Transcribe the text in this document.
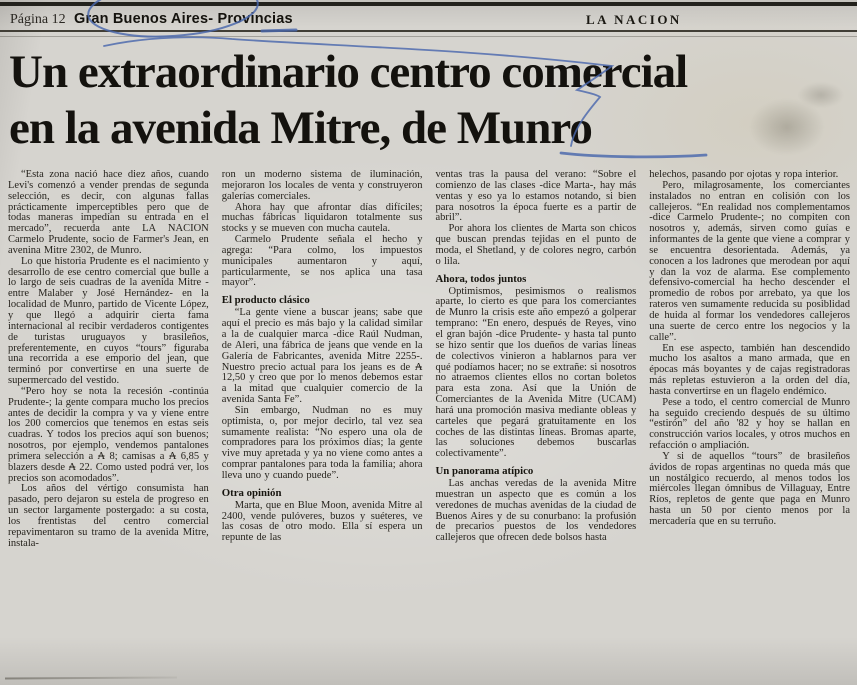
Página 12 Gran Buenos Aires- Provincias	LA NACION
Un extraordinario centro comercial
en la avenida Mitre, de Munro

“Esta zona nació hace diez años, cuando Levi's comenzó a vender prendas de segunda selección, es decir, con algunas fallas prácticamente imperceptibles pero que de todas maneras impedían su entrada en el mercado”, recuerda ante LA NACION Carmelo Prudente, socio de Farmer's Jean, en avenina Mitre 2302, de Munro.

Lo que historia Prudente es el nacimiento y desarrollo de ese centro comercial que bulle a lo largo de seis cuadras de la avenida Mitre -entre Malaber y José Hernández- en la localidad de Munro, partido de Vicente López, y que llegó a adquirir cierta fama internacional al recibir verdaderos contigentes de turistas uruguayos y brasileños, preferentemente, en cuyos “tours” figuraba una recorrida a ese emporio del jean, que terminó por convertirse en una suerte de supermercado del vestido.

“Pero hoy se nota la recesión -continúa Prudente-; la gente compara mucho los precios antes de decidir la compra y va y viene entre los 200 comercios que tenemos en estas seis cuadras. Y todos los precios aquí son buenos; nosotros, por ejemplo, vendemos pantalones primera selección a ₳ 8; camisas a ₳ 6,85 y blazers desde ₳ 22. Como usted podrá ver, los precios son acomodados”.

Los años del vértigo consumista han pasado, pero dejaron su estela de progreso en un sector largamente postergado: a su costa, los frentistas del centro comercial repavimentaron su tramo de la avenida Mitre, instala-

ron un moderno sistema de iluminación, mejoraron los locales de venta y construyeron galerías comerciales.

Ahora hay que afrontar días difíciles; muchas fábricas liquidaron totalmente sus stocks y se mueven con mucha cautela.

Carmelo Prudente señala el hecho y agrega: “Para colmo, los impuestos municipales aumentaron y aquí, particularmente, se nos aplica una tasa mayor”.

El producto clásico

“La gente viene a buscar jeans; sabe que aquí el precio es más bajo y la calidad similar a la de cualquier marca -dice Raúl Nudman, de Aleri, una fábrica de jeans que vende en la Galería de Fabricantes, avenida Mitre 2255-. Nuestro precio actual para los jeans es de ₳ 12,50 y creo que por lo menos debemos estar a la mitad que cualquier comercio de la avenida Santa Fe”.

Sin embargo, Nudman no es muy optimista, o, por mejor decirlo, tal vez sea sumamente realista: “No espero una ola de compradores para los próximos días; la gente vive muy apretada y ya no viene como antes a comprar pantalones para toda la familia; ahora lleva uno y cuando puede”.

Otra opinión

Marta, que en Blue Moon, avenida Mitre al 2400, vende pulóveres, buzos y suéteres, ve las cosas de otro modo. Ella sí espera un repunte de las

ventas tras la pausa del verano: “Sobre el comienzo de las clases -dice Marta-, hay más ventas y eso ya lo estamos notando, si bien para nosotros la época fuerte es a partir de abril”.

Por ahora los clientes de Marta son chicos que buscan prendas tejidas en el punto de moda, el Shetland, y de colores negro, carbón o lila.

Ahora, todos juntos

Optimismos, pesimismos o realismos aparte, lo cierto es que para los comerciantes de Munro la crisis este año empezó a golperar temprano: “En enero, después de Reyes, vino el gran bajón -dice Prudente- y hasta tal punto se hizo sentir que los dueños de varias líneas de colectivos vinieron a hablarnos para ver qué podíamos hacer; no se extrañe: si nosotros no atraemos clientes ellos no cortan boletos para esta zona. Así que la Unión de Comerciantes de la Avenida Mitre (UCAM) hará una promoción masiva mediante obleas y carteles que pegará gratuitamente en los coches de las distintas líneas. Bromas aparte, las soluciones debemos buscarlas colectivamente”.

Un panorama atípico

Las anchas veredas de la avenida Mitre muestran un aspecto que es común a los veredones de muchas avenidas de la ciudad de Buenos Aires y de su conurbano: la profusión de precarios puestos de los vendedores callejeros que ofrecen dede bolsos hasta

helechos, pasando por ojotas y ropa interior.

Pero, milagrosamente, los comerciantes instalados no entran en colisión con los callejeros. “En realidad nos complementamos -dice Carmelo Prudente-; no compiten con nosotros y, además, sirven como guías e informantes de la gente que viene a comprar y se encuentra desorientada. Además, ya conocen a los ladrones que merodean por aquí y dan la voz de alarma. Ese complemento defensivo-comercial ha hecho descender el promedio de robos por arrebato, ya que los rateros ven sumamente reducida su posiblidad de huida al formar los vendedores callejeros una suerte de cerco entre los negocios y la calle”.

En ese aspecto, también han descendido mucho los asaltos a mano armada, que en épocas más boyantes y de cajas registradoras más repletas estuvieron a la orden del día, hasta convertirse en un flagelo endémico.

Pese a todo, el centro comercial de Munro ha seguido creciendo después de su último “estirón” del año '82 y hoy se hallan en construcción varios locales, y otros muchos en refacción o ampliación.

Y si de aquellos “tours” de brasileños ávidos de ropas argentinas no queda más que un nostálgico recuerdo, al menos todos los miércoles llegan ómnibus de Villaguay, Entre Ríos, repletos de gente que paga en Munro hasta un 50 por ciento menos por la mercadería que en su terruño.
